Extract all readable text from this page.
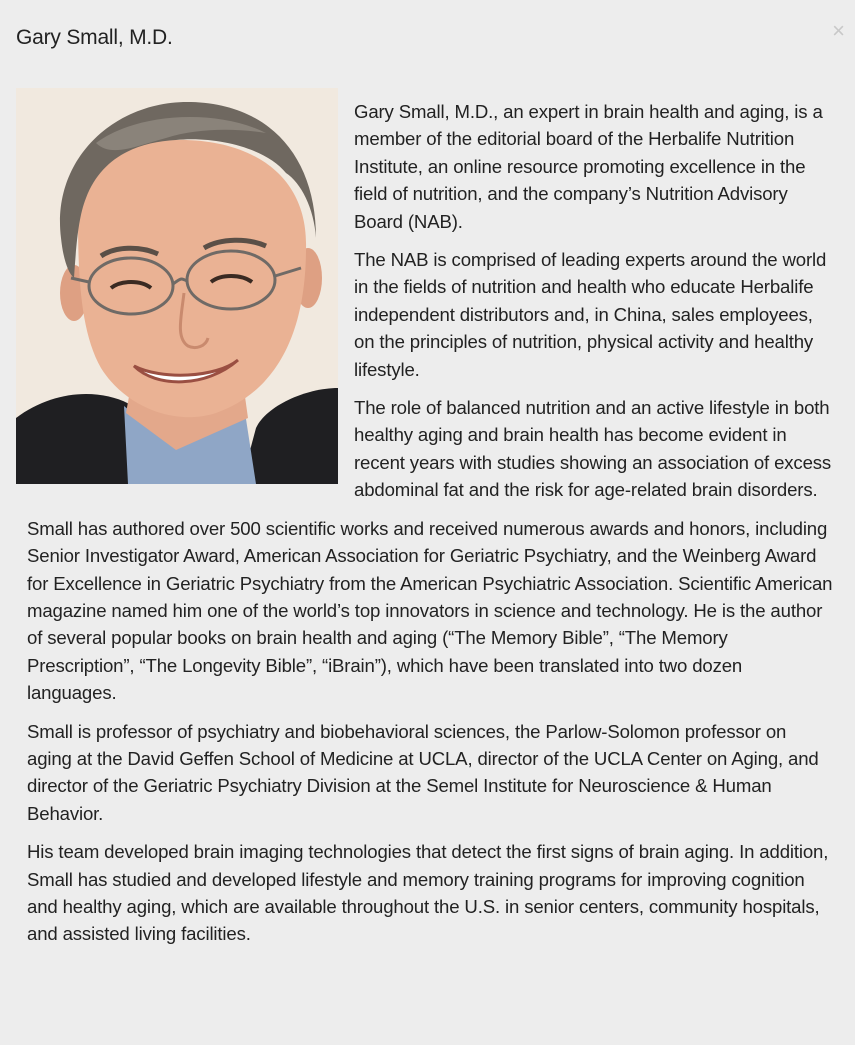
Gary Small, M.D.	×

Gary Small, M.D., an expert in brain health and aging, is a member of the editorial board of the Herbalife Nutrition Institute, an online resource promoting excellence in the field of nutrition, and the company’s Nutrition Advisory Board (NAB).

The NAB is comprised of leading experts around the world in the fields of nutrition and health who educate Herbalife independent distributors and, in China, sales employees, on the principles of nutrition, physical activity and healthy lifestyle.

The role of balanced nutrition and an active lifestyle in both healthy aging and brain health has become evident in recent years with studies showing an association of excess abdominal fat and the risk for age-related brain disorders.

Small has authored over 500 scientific works and received numerous awards and honors, including Senior Investigator Award, American Association for Geriatric Psychiatry, and the Weinberg Award for Excellence in Geriatric Psychiatry from the American Psychiatric Association. Scientific American magazine named him one of the world’s top innovators in science and technology. He is the author of several popular books on brain health and aging (“The Memory Bible”, “The Memory Prescription”, “The Longevity Bible”, “iBrain”), which have been translated into two dozen languages.

Small is professor of psychiatry and biobehavioral sciences, the Parlow-Solomon professor on aging at the David Geffen School of Medicine at UCLA, director of the UCLA Center on Aging, and director of the Geriatric Psychiatry Division at the Semel Institute for Neuroscience & Human Behavior.

His team developed brain imaging technologies that detect the first signs of brain aging. In addition, Small has studied and developed lifestyle and memory training programs for improving cognition and healthy aging, which are available throughout the U.S. in senior centers, community hospitals, and assisted living facilities.
